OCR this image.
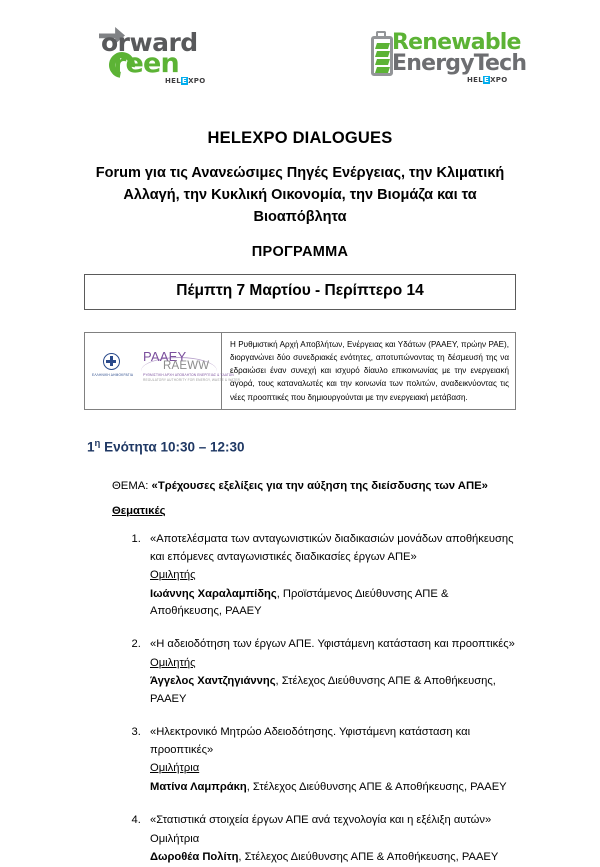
orward
reen
HELEXPO
Renewable
EnergyTech
HELEXPO
HELEXPO DIALOGUES
Forum για τις Ανανεώσιμες Πηγές Ενέργειας, την Κλιματική Αλλαγή, την Κυκλική Οικονομία, την Βιομάζα και τα Βιοαπόβλητα
ΠΡΟΓΡΑΜΜΑ
Πέμπτη 7 Μαρτίου - Περίπτερο 14
ΕΛΛΗΝΙΚΗ ΔΗΜΟΚΡΑΤΙΑ
PAAEY
RAEWW
ΡΥΘΜΙΣΤΙΚΗ ΑΡΧΗ ΑΠΟΒΛΗΤΩΝ ΕΝΕΡΓΕΙΑΣ & ΥΔΑΤΩΝ
REGULATORY AUTHORITY FOR ENERGY, WASTE & WATER
Η Ρυθμιστική Αρχή Αποβλήτων, Ενέργειας και Υδάτων (ΡΑΑΕΥ, πρώην ΡΑΕ), διοργανώνει δύο συνεδριακές ενότητες, αποτυπώνοντας τη δέσμευσή της να εδραιώσει έναν συνεχή και ισχυρό δίαυλο επικοινωνίας με την ενεργειακή αγορά, τους καταναλωτές και την κοινωνία των πολιτών, αναδεικνύοντας τις νέες προοπτικές που δημιουργούνται με την ενεργειακή μετάβαση.
$1^\eta$ Ενότητα 10:30 – 12:30
ΘΕΜΑ: «Τρέχουσες εξελίξεις για την αύξηση της διείσδυσης των ΑΠΕ»
Θεματικές
1. «Αποτελέσματα των ανταγωνιστικών διαδικασιών μονάδων αποθήκευσης και επόμενες ανταγωνιστικές διαδικασίες έργων ΑΠΕ»
Ομιλητής
Ιωάννης Χαραλαμπίδης, Προϊστάμενος Διεύθυνσης ΑΠΕ & Αποθήκευσης, ΡΑΑΕΥ
2. «Η αδειοδότηση των έργων ΑΠΕ. Υφιστάμενη κατάσταση και προοπτικές»
Ομιλητής
Άγγελος Χαντζηγιάννης, Στέλεχος Διεύθυνσης ΑΠΕ & Αποθήκευσης, ΡΑΑΕΥ
3. «Ηλεκτρονικό Μητρώο Αδειοδότησης. Υφιστάμενη κατάσταση και προοπτικές»
Ομιλήτρια
Ματίνα Λαμπράκη, Στέλεχος Διεύθυνσης ΑΠΕ & Αποθήκευσης, ΡΑΑΕΥ
4. «Στατιστικά στοιχεία έργων ΑΠΕ ανά τεχνολογία και η εξέλιξη αυτών»
Ομιλήτρια
Δωροθέα Πολίτη, Στέλεχος Διεύθυνσης ΑΠΕ & Αποθήκευσης, ΡΑΑΕΥ
